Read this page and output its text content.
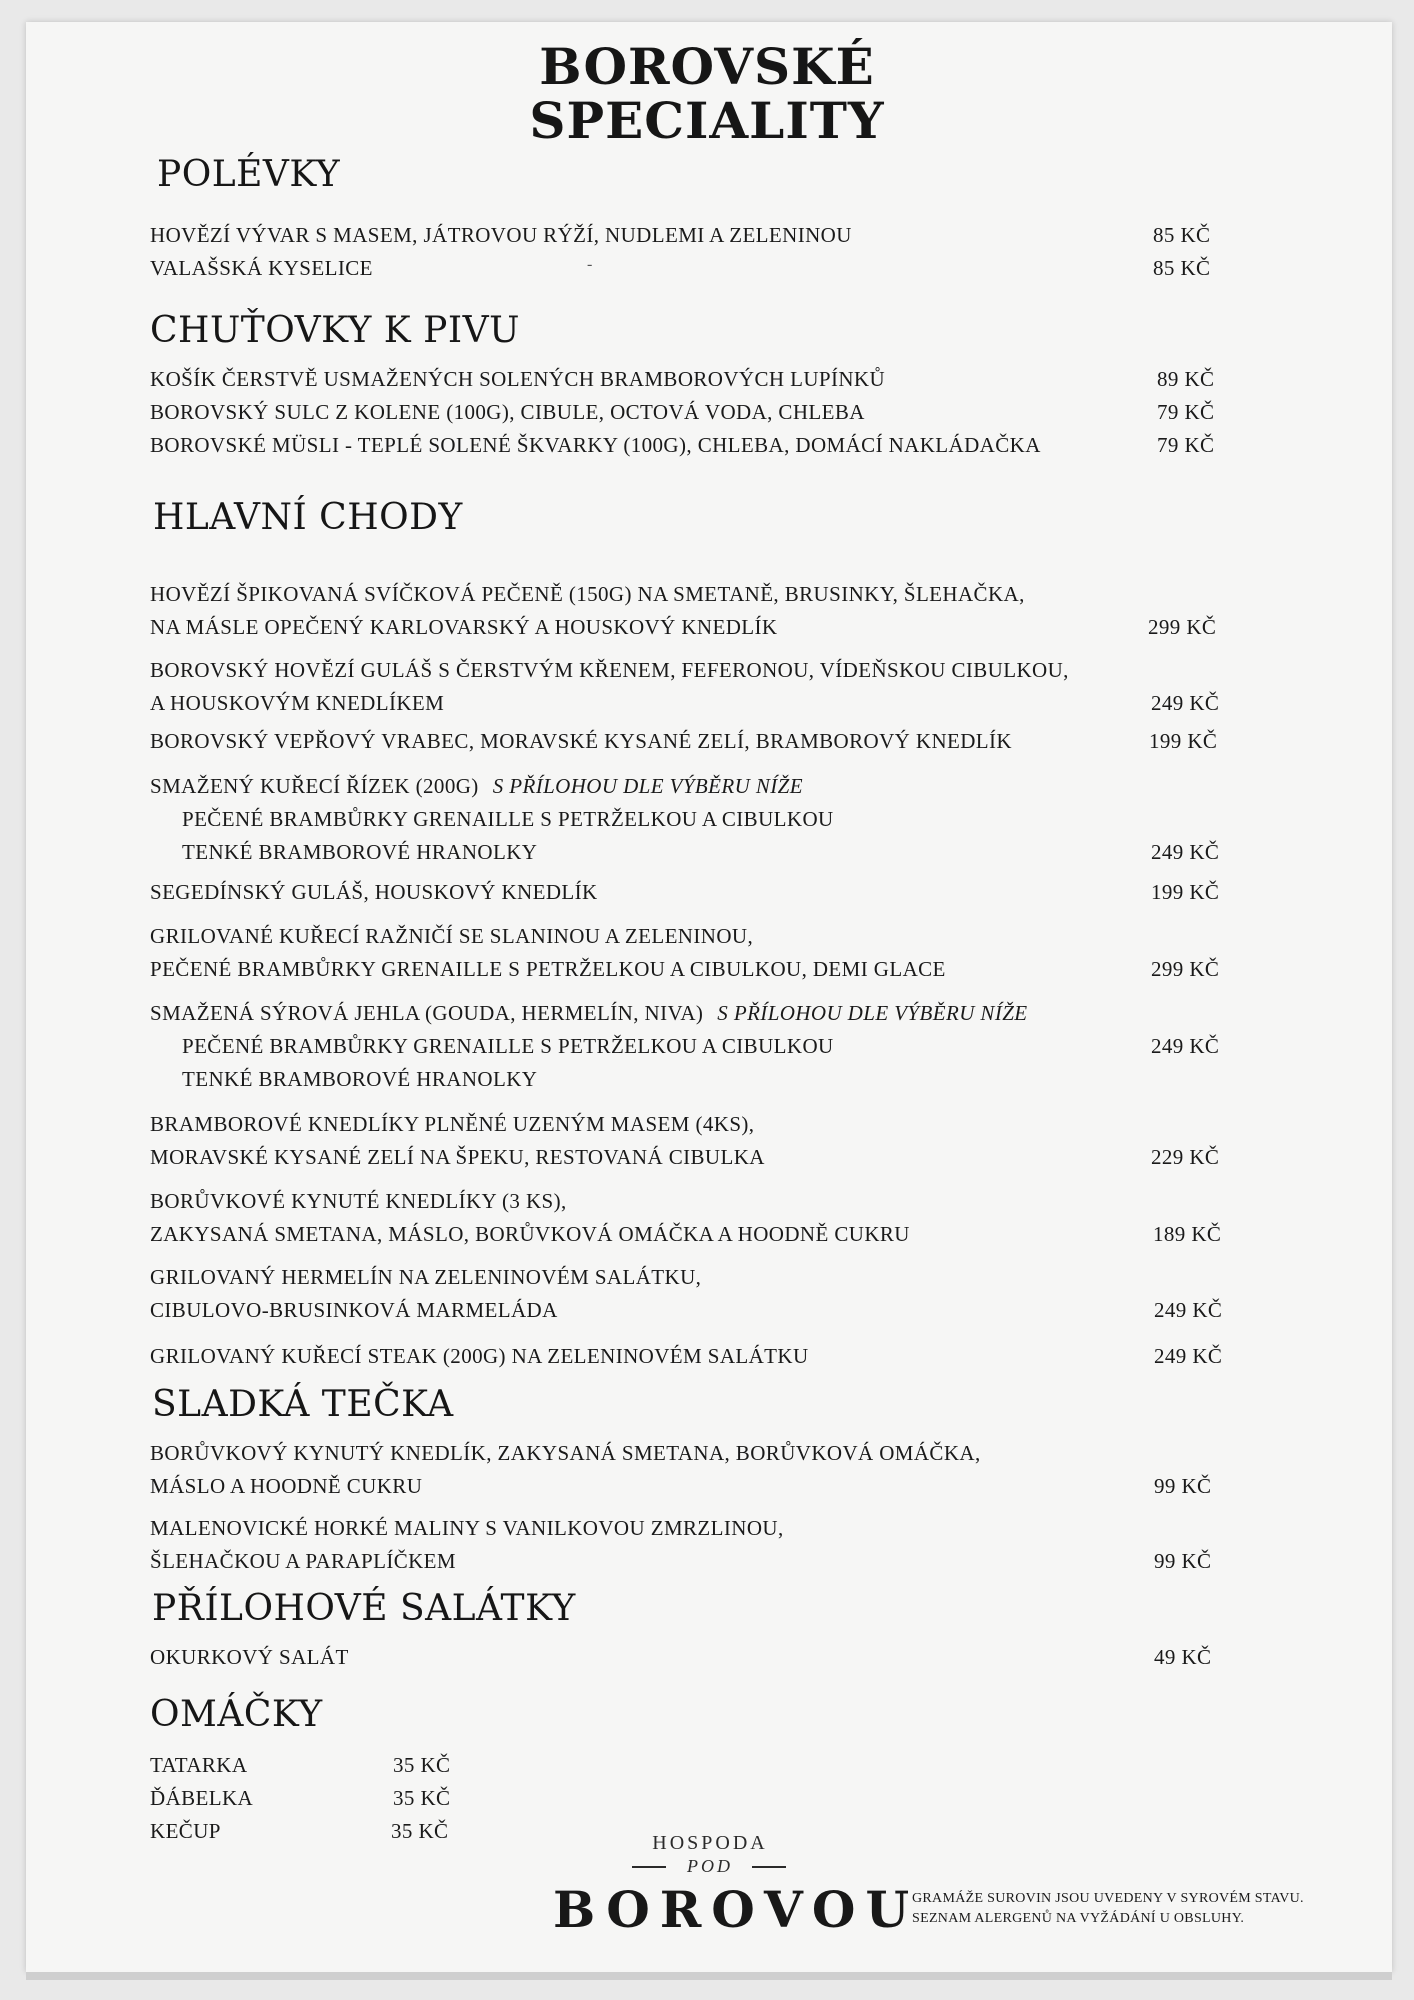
BOROVSKÉ
SPECIALITY
POLÉVKY
HOVĚZÍ VÝVAR S MASEM, JÁTROVOU RÝŽÍ, NUDLEMI A ZELENINOU	85 KČ
VALAŠSKÁ KYSELICE	-	85 KČ
CHUŤOVKY K PIVU
KOŠÍK ČERSTVĚ USMAŽENÝCH SOLENÝCH BRAMBOROVÝCH LUPÍNKŮ	89 KČ
BOROVSKÝ SULC Z KOLENE (100G), CIBULE, OCTOVÁ VODA, CHLEBA	79 KČ
BOROVSKÉ MÜSLI - TEPLÉ SOLENÉ ŠKVARKY (100G), CHLEBA, DOMÁCÍ NAKLÁDAČKA	79 KČ
HLAVNÍ CHODY
HOVĚZÍ ŠPIKOVANÁ SVÍČKOVÁ PEČENĚ (150G) NA SMETANĚ, BRUSINKY, ŠLEHAČKA,
NA MÁSLE OPEČENÝ KARLOVARSKÝ A HOUSKOVÝ KNEDLÍK	299 KČ
BOROVSKÝ HOVĚZÍ GULÁŠ S ČERSTVÝM KŘENEM, FEFERONOU, VÍDEŇSKOU CIBULKOU,
A HOUSKOVÝM KNEDLÍKEM	249 KČ
BOROVSKÝ VEPŘOVÝ VRABEC, MORAVSKÉ KYSANÉ ZELÍ, BRAMBOROVÝ KNEDLÍK	199 KČ
SMAŽENÝ KUŘECÍ ŘÍZEK (200G) S PŘÍLOHOU DLE VÝBĚRU NÍŽE
PEČENÉ BRAMBŮRKY GRENAILLE S PETRŽELKOU A CIBULKOU
TENKÉ BRAMBOROVÉ HRANOLKY	249 KČ
SEGEDÍNSKÝ GULÁŠ, HOUSKOVÝ KNEDLÍK	199 KČ
GRILOVANÉ KUŘECÍ RAŽNIČÍ SE SLANINOU A ZELENINOU,
PEČENÉ BRAMBŮRKY GRENAILLE S PETRŽELKOU A CIBULKOU, DEMI GLACE	299 KČ
SMAŽENÁ SÝROVÁ JEHLA (GOUDA, HERMELÍN, NIVA) S PŘÍLOHOU DLE VÝBĚRU NÍŽE
PEČENÉ BRAMBŮRKY GRENAILLE S PETRŽELKOU A CIBULKOU	249 KČ
TENKÉ BRAMBOROVÉ HRANOLKY
BRAMBOROVÉ KNEDLÍKY PLNĚNÉ UZENÝM MASEM (4KS),
MORAVSKÉ KYSANÉ ZELÍ NA ŠPEKU, RESTOVANÁ CIBULKA	229 KČ
BORŮVKOVÉ KYNUTÉ KNEDLÍKY (3 KS),
ZAKYSANÁ SMETANA, MÁSLO, BORŮVKOVÁ OMÁČKA A HOODNĚ CUKRU	189 KČ
GRILOVANÝ HERMELÍN NA ZELENINOVÉM SALÁTKU,
CIBULOVO-BRUSINKOVÁ MARMELÁDA	249 KČ
GRILOVANÝ KUŘECÍ STEAK (200G) NA ZELENINOVÉM SALÁTKU	249 KČ
SLADKÁ TEČKA
BORŮVKOVÝ KYNUTÝ KNEDLÍK, ZAKYSANÁ SMETANA, BORŮVKOVÁ OMÁČKA,
MÁSLO A HOODNĚ CUKRU	99 KČ
MALENOVICKÉ HORKÉ MALINY S VANILKOVOU ZMRZLINOU,
ŠLEHAČKOU A PARAPLÍČKEM	99 KČ
PŘÍLOHOVÉ SALÁTKY
OKURKOVÝ SALÁT	49 KČ
OMÁČKY
TATARKA	35 KČ
ĎÁBELKA	35 KČ
KEČUP	35 KČ	HOSPODA
POD
BOROVOU
GRAMÁŽE SUROVIN JSOU UVEDENY V SYROVÉM STAVU.
SEZNAM ALERGENŮ NA VYŽÁDÁNÍ U OBSLUHY.
